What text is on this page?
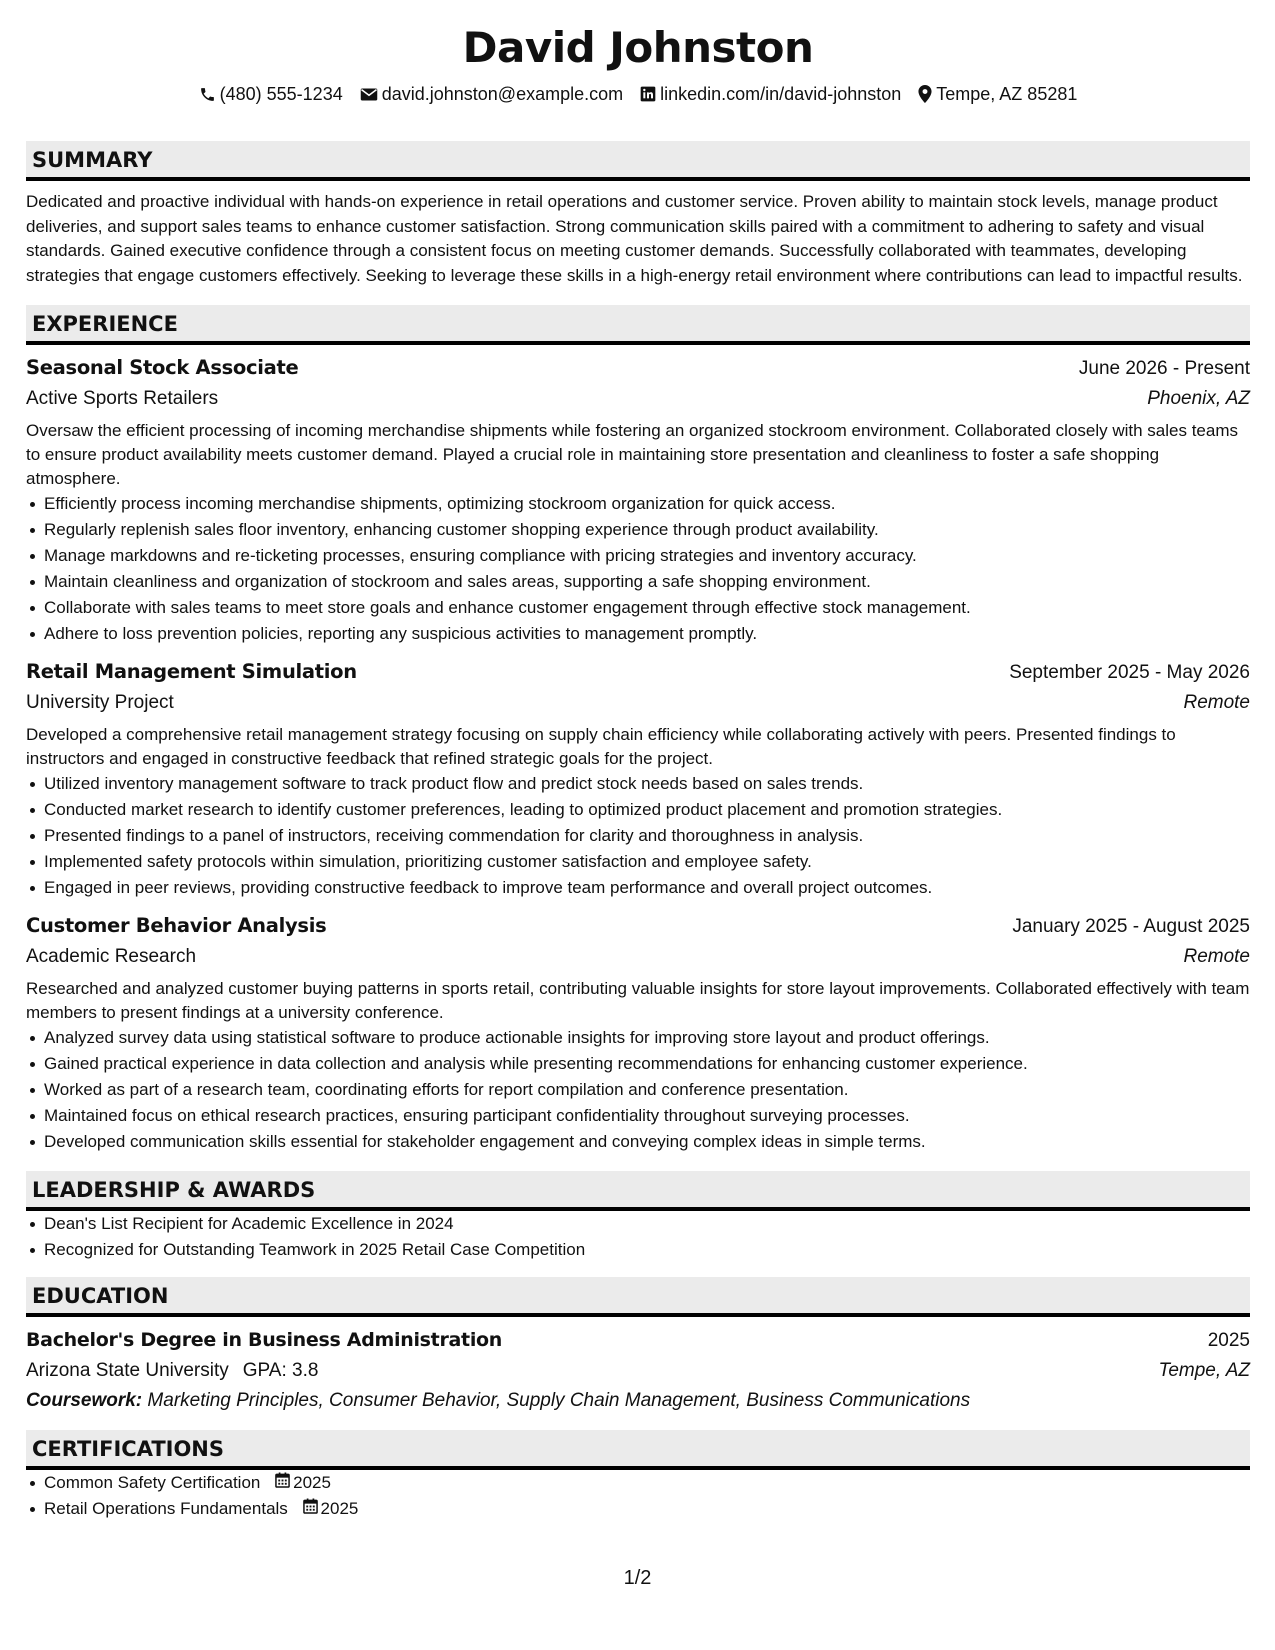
David Johnston
(480) 555-1234 david.johnston@example.com linkedin.com/in/david-johnston Tempe, AZ 85281
SUMMARY
Dedicated and proactive individual with hands-on experience in retail operations and customer service. Proven ability to maintain stock levels, manage product deliveries, and support sales teams to enhance customer satisfaction. Strong communication skills paired with a commitment to adhering to safety and visual standards. Gained executive confidence through a consistent focus on meeting customer demands. Successfully collaborated with teammates, developing strategies that engage customers effectively. Seeking to leverage these skills in a high-energy retail environment where contributions can lead to impactful results.
EXPERIENCE
Seasonal Stock Associate	June 2026 - Present
Active Sports Retailers	Phoenix, AZ
Oversaw the efficient processing of incoming merchandise shipments while fostering an organized stockroom environment. Collaborated closely with sales teams to ensure product availability meets customer demand. Played a crucial role in maintaining store presentation and cleanliness to foster a safe shopping atmosphere.
Efficiently process incoming merchandise shipments, optimizing stockroom organization for quick access.
Regularly replenish sales floor inventory, enhancing customer shopping experience through product availability.
Manage markdowns and re-ticketing processes, ensuring compliance with pricing strategies and inventory accuracy.
Maintain cleanliness and organization of stockroom and sales areas, supporting a safe shopping environment.
Collaborate with sales teams to meet store goals and enhance customer engagement through effective stock management.
Adhere to loss prevention policies, reporting any suspicious activities to management promptly.
Retail Management Simulation	September 2025 - May 2026
University Project	Remote
Developed a comprehensive retail management strategy focusing on supply chain efficiency while collaborating actively with peers. Presented findings to instructors and engaged in constructive feedback that refined strategic goals for the project.
Utilized inventory management software to track product flow and predict stock needs based on sales trends.
Conducted market research to identify customer preferences, leading to optimized product placement and promotion strategies.
Presented findings to a panel of instructors, receiving commendation for clarity and thoroughness in analysis.
Implemented safety protocols within simulation, prioritizing customer satisfaction and employee safety.
Engaged in peer reviews, providing constructive feedback to improve team performance and overall project outcomes.
Customer Behavior Analysis	January 2025 - August 2025
Academic Research	Remote
Researched and analyzed customer buying patterns in sports retail, contributing valuable insights for store layout improvements. Collaborated effectively with team members to present findings at a university conference.
Analyzed survey data using statistical software to produce actionable insights for improving store layout and product offerings.
Gained practical experience in data collection and analysis while presenting recommendations for enhancing customer experience.
Worked as part of a research team, coordinating efforts for report compilation and conference presentation.
Maintained focus on ethical research practices, ensuring participant confidentiality throughout surveying processes.
Developed communication skills essential for stakeholder engagement and conveying complex ideas in simple terms.
LEADERSHIP & AWARDS
Dean's List Recipient for Academic Excellence in 2024
Recognized for Outstanding Teamwork in 2025 Retail Case Competition
EDUCATION
Bachelor's Degree in Business Administration	2025
Arizona State University GPA: 3.8	Tempe, AZ
Coursework: Marketing Principles, Consumer Behavior, Supply Chain Management, Business Communications
CERTIFICATIONS
Common Safety Certification 2025
Retail Operations Fundamentals 2025
1/2
